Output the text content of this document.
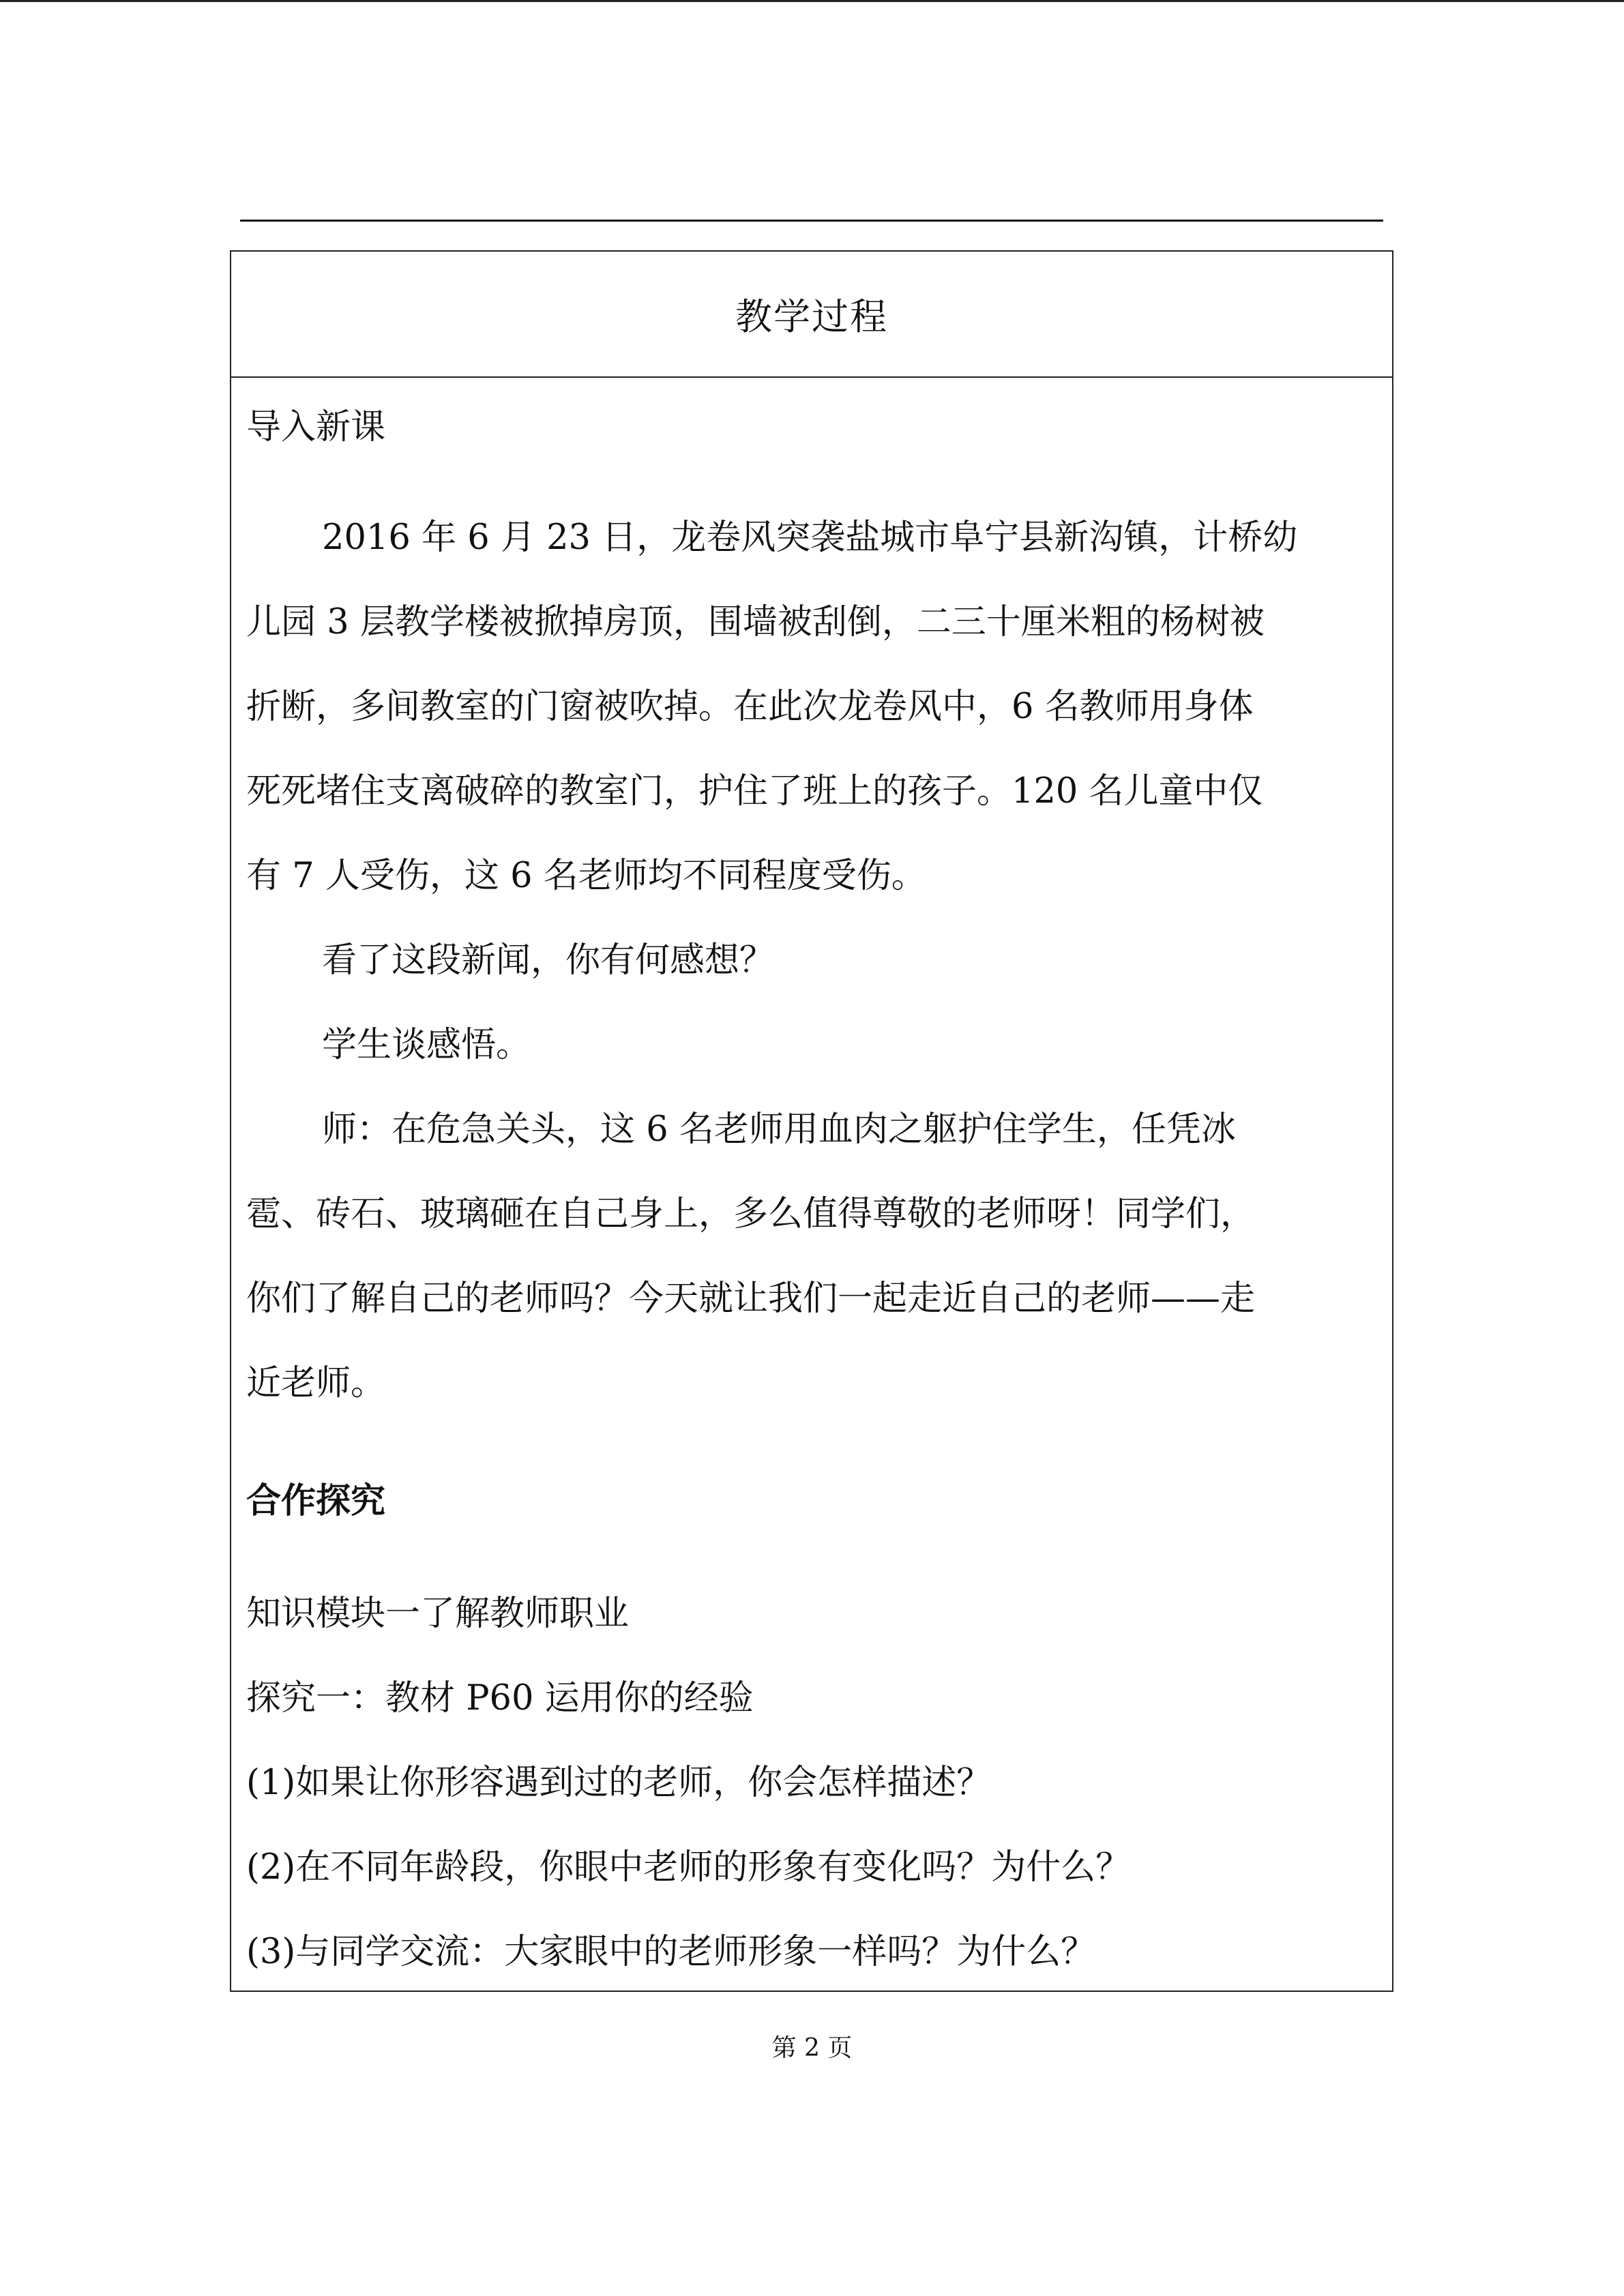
教学过程
导入新课
2016 年 6 月 23 日，龙卷风突袭盐城市阜宁县新沟镇，计桥幼
儿园 3 层教学楼被掀掉房顶，围墙被刮倒，二三十厘米粗的杨树被
折断，多间教室的门窗被吹掉。在此次龙卷风中，6 名教师用身体
死死堵住支离破碎的教室门，护住了班上的孩子。120 名儿童中仅
有 7 人受伤，这 6 名老师均不同程度受伤。
看了这段新闻，你有何感想？
学生谈感悟。
师：在危急关头，这 6 名老师用血肉之躯护住学生，任凭冰
雹、砖石、玻璃砸在自己身上，多么值得尊敬的老师呀！同学们，
你们了解自己的老师吗？今天就让我们一起走近自己的老师——走
近老师。
合作探究
知识模块一了解教师职业
探究一：教材 P60 运用你的经验
(1)如果让你形容遇到过的老师，你会怎样描述？
(2)在不同年龄段，你眼中老师的形象有变化吗？为什么？
(3)与同学交流：大家眼中的老师形象一样吗？为什么？
第 2 页
